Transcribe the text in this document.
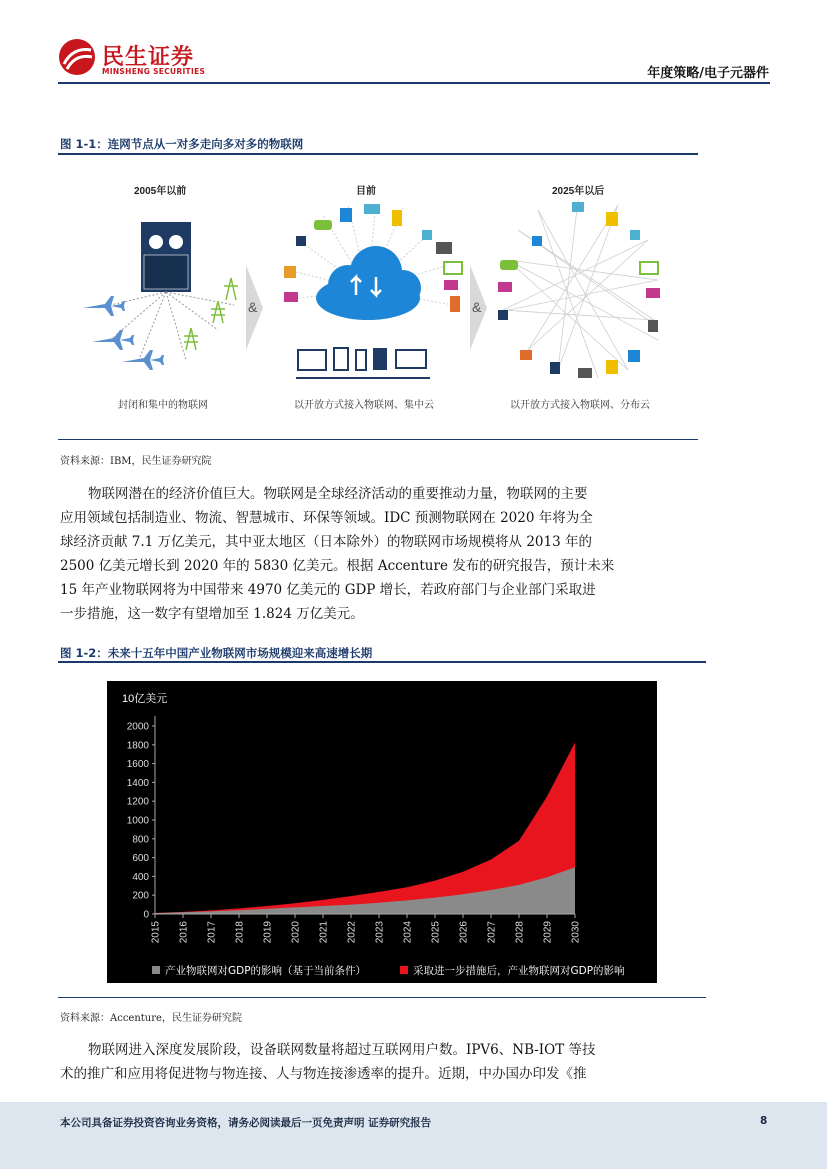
民生证券
MINSHENG SECURITIES	年度策略/电子元器件
图 1-1：连网节点从一对多走向多对多的物联网
2005年以前	目前	2025年以后
&	&
封闭和集中的物联网	以开放方式接入物联网、集中云	以开放方式接入物联网、分布云
资料来源：IBM，民生证券研究院

物联网潜在的经济价值巨大。物联网是全球经济活动的重要推动力量，物联网的主要

应用领域包括制造业、物流、智慧城市、环保等领域。IDC 预测物联网在 2020 年将为全

球经济贡献 7.1 万亿美元，其中亚太地区（日本除外）的物联网市场规模将从 2013 年的

2500 亿美元增长到 2020 年的 5830 亿美元。根据 Accenture 发布的研究报告，预计未来

15 年产业物联网将为中国带来 4970 亿美元的 GDP 增长，若政府部门与企业部门采取进

一步措施，这一数字有望增加至 1.824 万亿美元。

图 1-2：未来十五年中国产业物联网市场规模迎来高速增长期
10亿美元
0
200
400
600
800
1000
1200
1400
1600
1800
2000
2015 2016 2017 2018 2019 2020 2021 2022 2023 2024 2025 2026 2027 2028 2029 2030
产业物联网对GDP的影响（基于当前条件）	采取进一步措施后，产业物联网对GDP的影响
资料来源：Accenture，民生证券研究院

物联网进入深度发展阶段，设备联网数量将超过互联网用户数。IPV6、NB-IOT 等技

术的推广和应用将促进物与物连接、人与物连接渗透率的提升。近期，中办国办印发《推

本公司具备证券投资咨询业务资格，请务必阅读最后一页免责声明 证券研究报告	8
